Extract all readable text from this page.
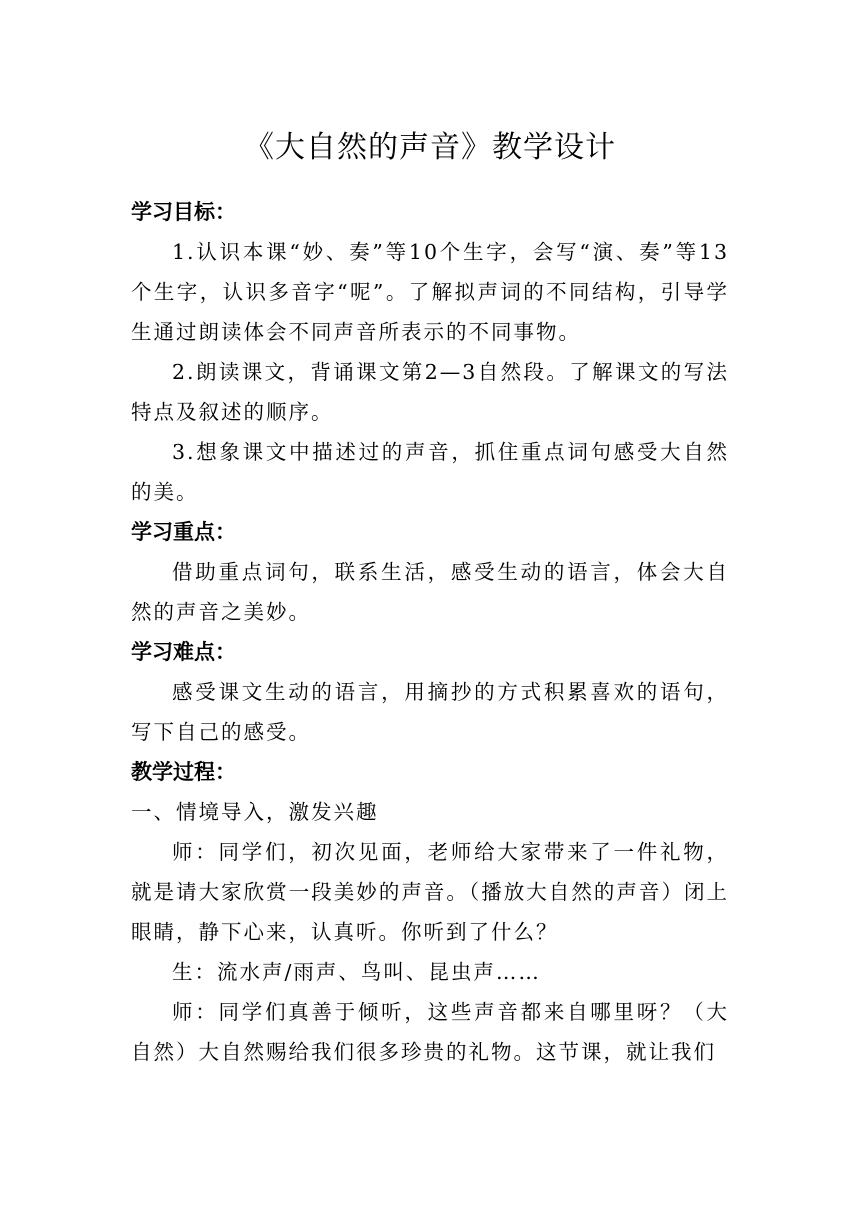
《大自然的声音》教学设计

学习目标：

1.认识本课“妙、奏”等10个生字，会写“演、奏”等13个生字，认识多音字“呢”。了解拟声词的不同结构，引导学生通过朗读体会不同声音所表示的不同事物。

2.朗读课文，背诵课文第2—3自然段。了解课文的写法特点及叙述的顺序。

3.想象课文中描述过的声音，抓住重点词句感受大自然的美。

学习重点：

借助重点词句，联系生活，感受生动的语言，体会大自然的声音之美妙。

学习难点：

感受课文生动的语言，用摘抄的方式积累喜欢的语句，写下自己的感受。

教学过程：

一、情境导入，激发兴趣

师：同学们，初次见面，老师给大家带来了一件礼物，就是请大家欣赏一段美妙的声音。（播放大自然的声音）闭上眼睛，静下心来，认真听。你听到了什么？

生：流水声/雨声、鸟叫、昆虫声……

师：同学们真善于倾听，这些声音都来自哪里呀？（大自然）大自然赐给我们很多珍贵的礼物。这节课，就让我们
